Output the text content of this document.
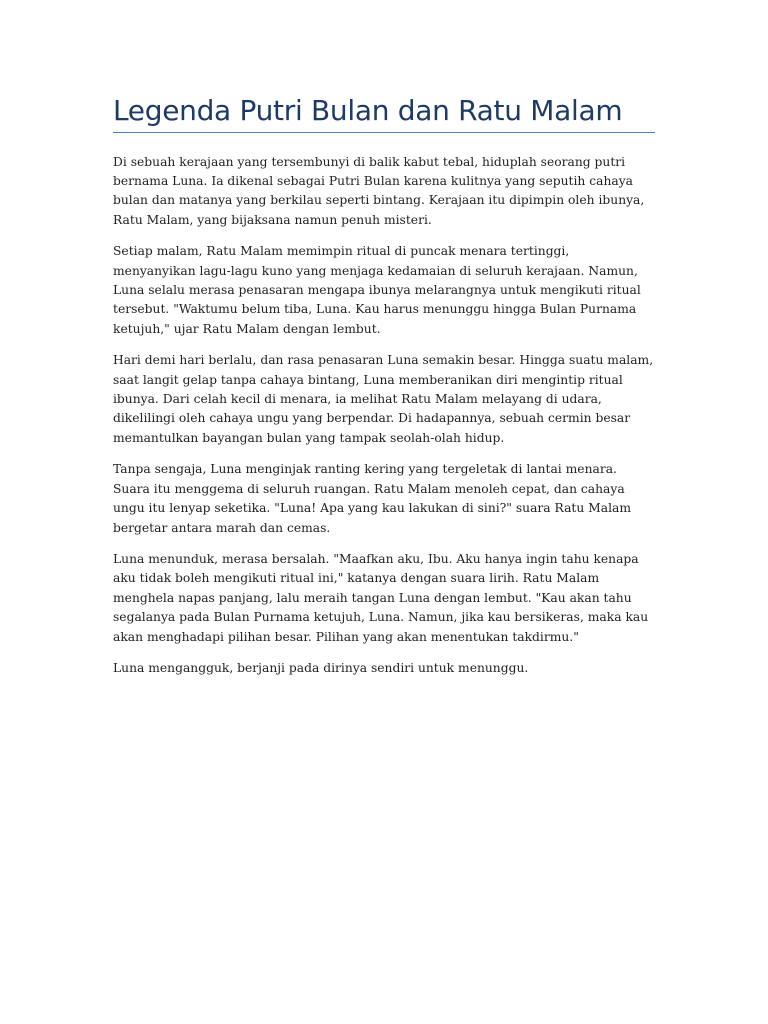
Legenda Putri Bulan dan Ratu Malam

Di sebuah kerajaan yang tersembunyi di balik kabut tebal, hiduplah seorang putri bernama Luna. Ia dikenal sebagai Putri Bulan karena kulitnya yang seputih cahaya bulan dan matanya yang berkilau seperti bintang. Kerajaan itu dipimpin oleh ibunya, Ratu Malam, yang bijaksana namun penuh misteri.

Setiap malam, Ratu Malam memimpin ritual di puncak menara tertinggi, menyanyikan lagu-lagu kuno yang menjaga kedamaian di seluruh kerajaan. Namun, Luna selalu merasa penasaran mengapa ibunya melarangnya untuk mengikuti ritual tersebut. "Waktumu belum tiba, Luna. Kau harus menunggu hingga Bulan Purnama ketujuh," ujar Ratu Malam dengan lembut.

Hari demi hari berlalu, dan rasa penasaran Luna semakin besar. Hingga suatu malam, saat langit gelap tanpa cahaya bintang, Luna memberanikan diri mengintip ritual ibunya. Dari celah kecil di menara, ia melihat Ratu Malam melayang di udara, dikelilingi oleh cahaya ungu yang berpendar. Di hadapannya, sebuah cermin besar memantulkan bayangan bulan yang tampak seolah-olah hidup.

Tanpa sengaja, Luna menginjak ranting kering yang tergeletak di lantai menara. Suara itu menggema di seluruh ruangan. Ratu Malam menoleh cepat, dan cahaya ungu itu lenyap seketika. "Luna! Apa yang kau lakukan di sini?" suara Ratu Malam bergetar antara marah dan cemas.

Luna menunduk, merasa bersalah. "Maafkan aku, Ibu. Aku hanya ingin tahu kenapa aku tidak boleh mengikuti ritual ini," katanya dengan suara lirih. Ratu Malam menghela napas panjang, lalu meraih tangan Luna dengan lembut. "Kau akan tahu segalanya pada Bulan Purnama ketujuh, Luna. Namun, jika kau bersikeras, maka kau akan menghadapi pilihan besar. Pilihan yang akan menentukan takdirmu."

Luna mengangguk, berjanji pada dirinya sendiri untuk menunggu.
